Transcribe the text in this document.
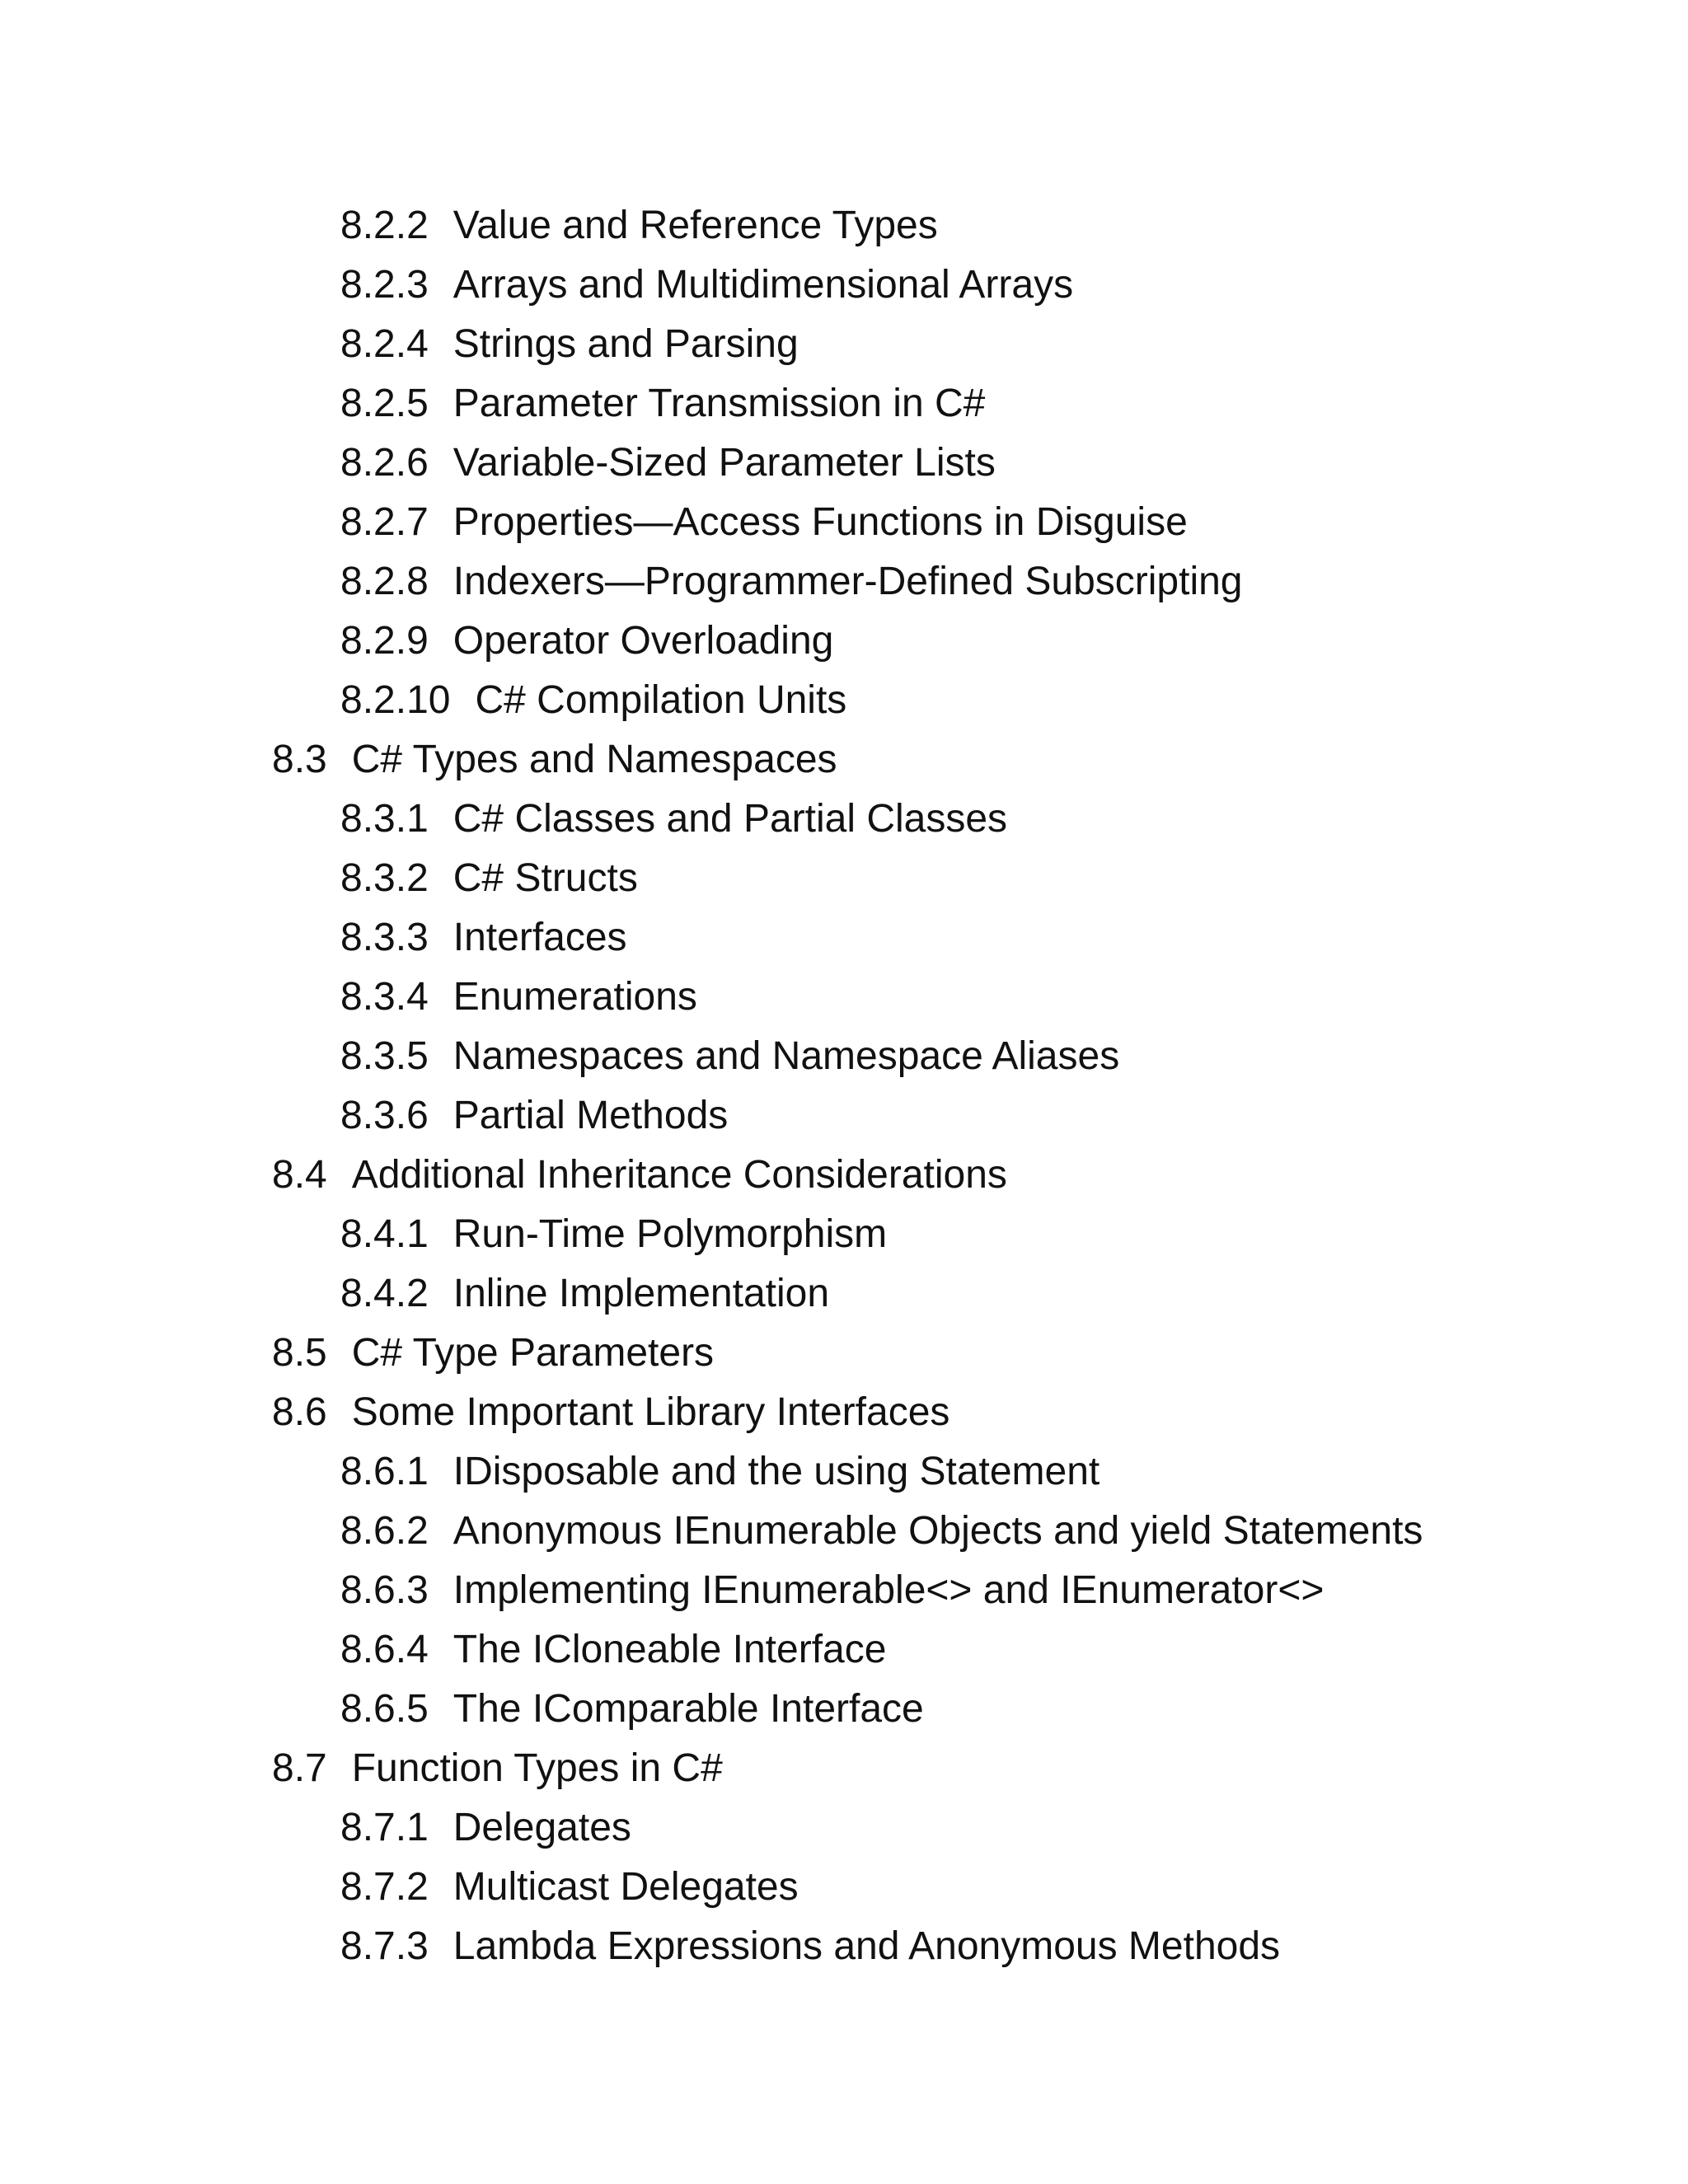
8.2.2 Value and Reference Types
8.2.3 Arrays and Multidimensional Arrays
8.2.4 Strings and Parsing
8.2.5 Parameter Transmission in C#
8.2.6 Variable-Sized Parameter Lists
8.2.7 Properties—Access Functions in Disguise
8.2.8 Indexers—Programmer-Defined Subscripting
8.2.9 Operator Overloading
8.2.10 C# Compilation Units
8.3 C# Types and Namespaces
8.3.1 C# Classes and Partial Classes
8.3.2 C# Structs
8.3.3 Interfaces
8.3.4 Enumerations
8.3.5 Namespaces and Namespace Aliases
8.3.6 Partial Methods
8.4 Additional Inheritance Considerations
8.4.1 Run-Time Polymorphism
8.4.2 Inline Implementation
8.5 C# Type Parameters
8.6 Some Important Library Interfaces
8.6.1 IDisposable and the using Statement
8.6.2 Anonymous IEnumerable Objects and yield Statements
8.6.3 Implementing IEnumerable<> and IEnumerator<>
8.6.4 The ICloneable Interface
8.6.5 The IComparable Interface
8.7 Function Types in C#
8.7.1 Delegates
8.7.2 Multicast Delegates
8.7.3 Lambda Expressions and Anonymous Methods
